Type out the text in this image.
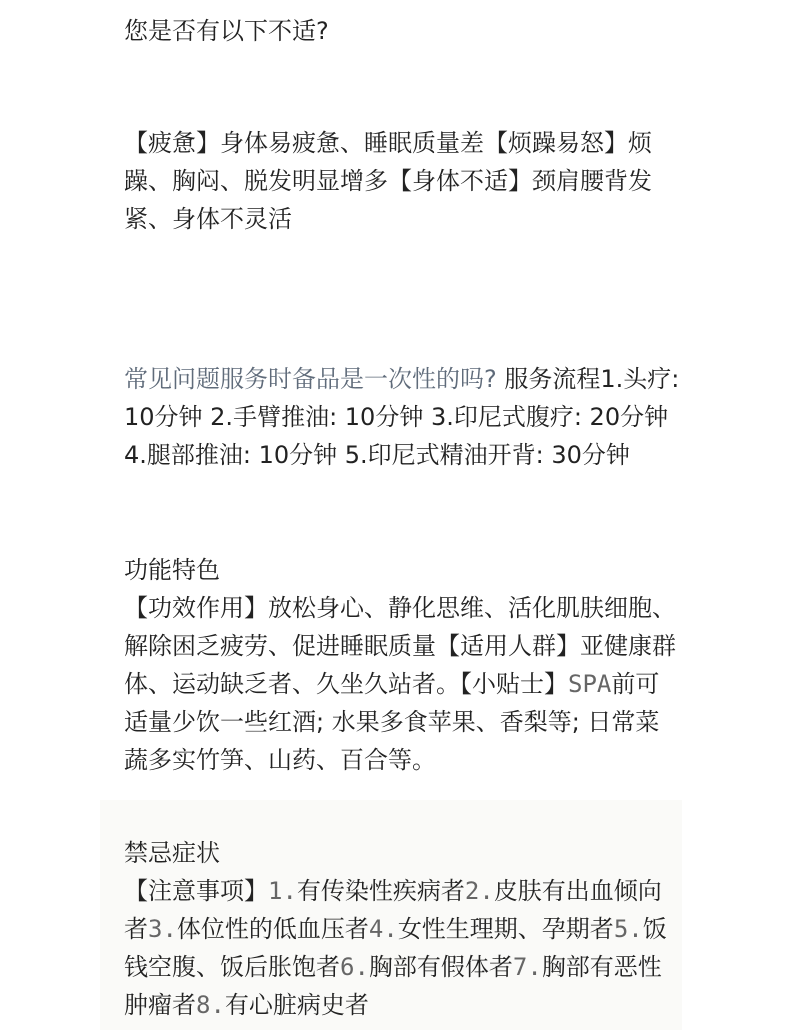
您是否有以下不适?

【疲惫】身体易疲惫、睡眠质量差【烦躁易怒】烦躁、胸闷、脱发明显增多【身体不适】颈肩腰背发紧、身体不灵活

常见问题服务时备品是一次性的吗? 服务流程1.头疗: 10分钟 2.手臂推油: 10分钟 3.印尼式腹疗: 20分钟 4.腿部推油: 10分钟 5.印尼式精油开背: 30分钟

功能特色
【功效作用】放松身心、静化思维、活化肌肤细胞、解除困乏疲劳、促进睡眠质量【适用人群】亚健康群体、运动缺乏者、久坐久站者。【小贴士】SPA前可适量少饮一些红酒; 水果多食苹果、香梨等; 日常菜蔬多实竹笋、山药、百合等。
禁忌症状
【注意事项】1.有传染性疾病者2.皮肤有出血倾向者3.体位性的低血压者4.女性生理期、孕期者5.饭钱空腹、饭后胀饱者6.胸部有假体者7.胸部有恶性肿瘤者8.有心脏病史者
